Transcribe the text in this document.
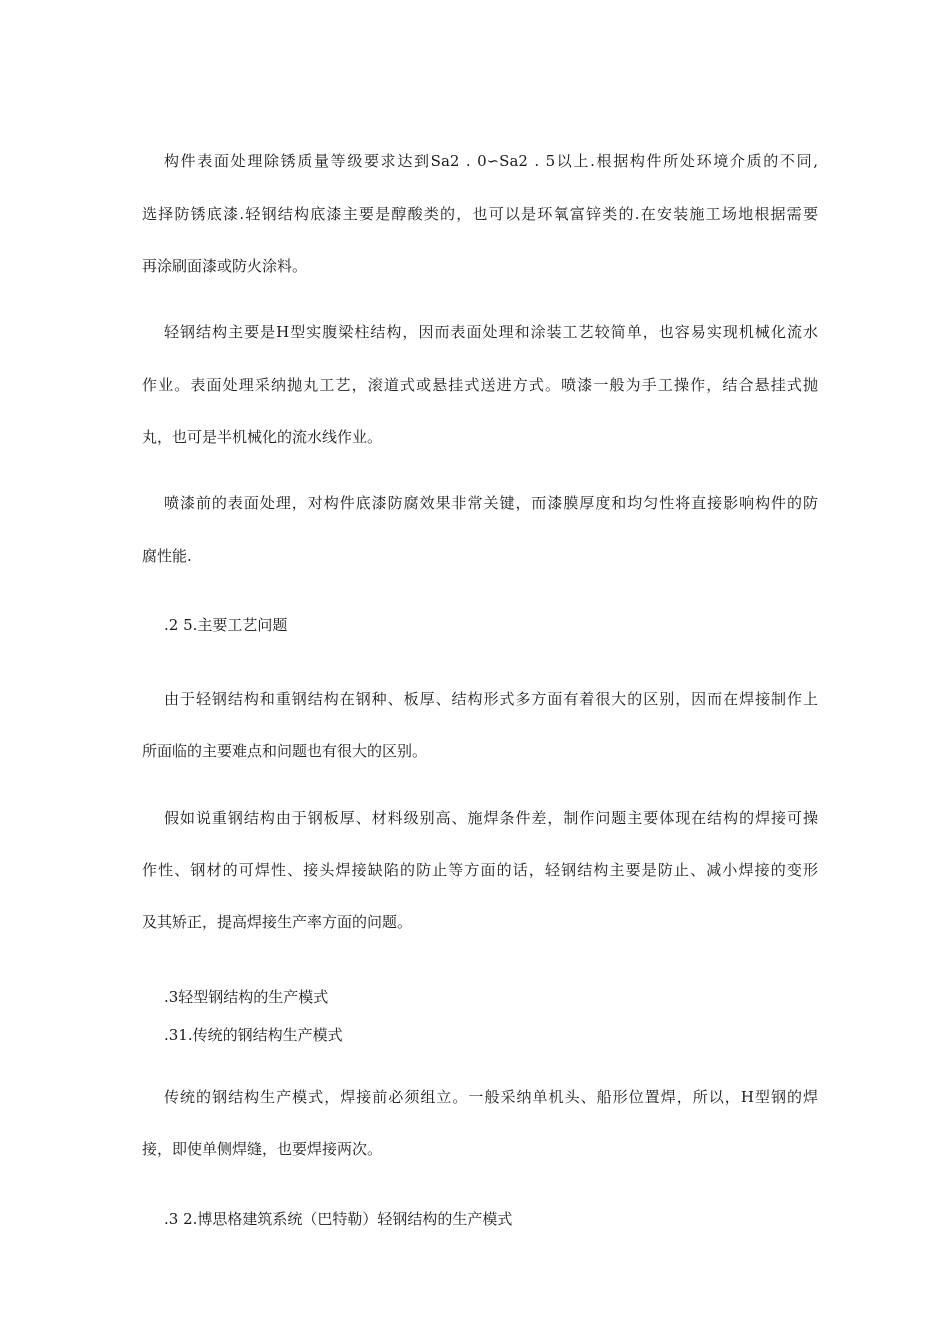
构件表面处理除锈质量等级要求达到Sa2 . 0∽Sa2 . 5以上.根据构件所处环境介质的不同,
选择防锈底漆.轻钢结构底漆主要是醇酸类的，也可以是环氧富锌类的.在安装施工场地根据需要
再涂刷面漆或防火涂料。
轻钢结构主要是H型实腹梁柱结构，因而表面处理和涂装工艺较简单，也容易实现机械化流水
作业。表面处理采纳抛丸工艺，滚道式或悬挂式送进方式。喷漆一般为手工操作，结合悬挂式抛
丸，也可是半机械化的流水线作业。
喷漆前的表面处理，对构件底漆防腐效果非常关键，而漆膜厚度和均匀性将直接影响构件的防
腐性能.
.2 5.主要工艺问题
由于轻钢结构和重钢结构在钢种、板厚、结构形式多方面有着很大的区别，因而在焊接制作上
所面临的主要难点和问题也有很大的区别。
假如说重钢结构由于钢板厚、材料级别高、施焊条件差，制作问题主要体现在结构的焊接可操
作性、钢材的可焊性、接头焊接缺陷的防止等方面的话，轻钢结构主要是防止、减小焊接的变形
及其矫正，提高焊接生产率方面的问题。
.3轻型钢结构的生产模式
.31.传统的钢结构生产模式
传统的钢结构生产模式，焊接前必须组立。一般采纳单机头、船形位置焊，所以，H型钢的焊
接，即使单侧焊缝，也要焊接两次。
.3 2.博思格建筑系统（巴特勒）轻钢结构的生产模式
